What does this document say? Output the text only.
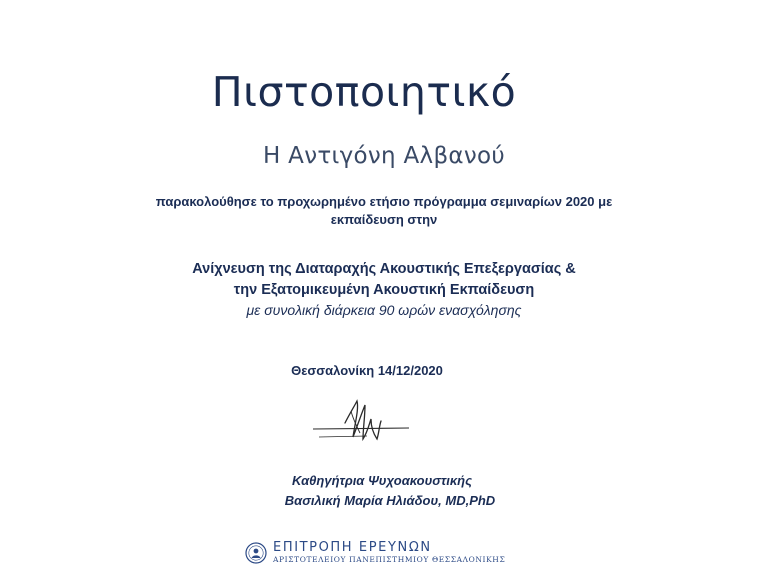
Πιστοποιητικό
Η Αντιγόνη Αλβανού
παρακολούθησε το προχωρημένο ετήσιο πρόγραμμα σεμιναρίων 2020 με
εκπαίδευση στην
Ανίχνευση της Διαταραχής Ακουστικής Επεξεργασίας &
την Εξατομικευμένη Ακουστική Εκπαίδευση
με συνολική διάρκεια 90 ωρών ενασχόλησης
Θεσσαλονίκη 14/12/2020
Καθηγήτρια Ψυχοακουστικής
Βασιλική Μαρία Ηλιάδου, MD,PhD
ΕΠΙΤΡΟΠΗ ΕΡΕΥΝΩΝ
ΑΡΙΣΤΟΤΕΛΕΙΟΥ ΠΑΝΕΠΙΣΤΗΜΙΟΥ ΘΕΣΣΑΛΟΝΙΚΗΣ
